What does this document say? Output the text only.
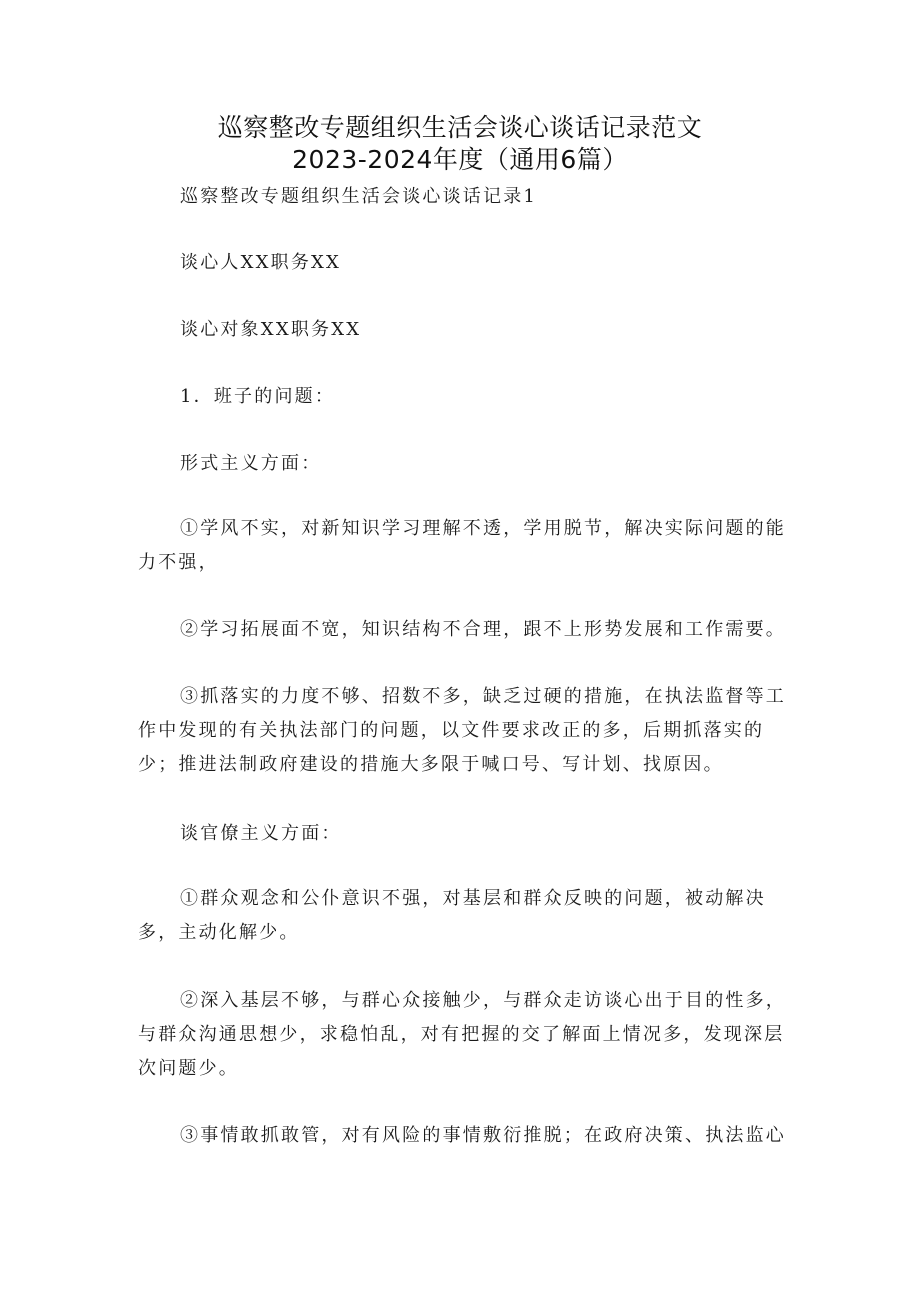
巡察整改专题组织生活会谈心谈话记录范文
2023-2024年度（通用6篇）
巡察整改专题组织生活会谈心谈话记录1
谈心人XX职务XX
谈心对象XX职务XX
1．班子的问题：
形式主义方面：
①学风不实，对新知识学习理解不透，学用脱节，解决实际问题的能力不强，
②学习拓展面不宽，知识结构不合理，跟不上形势发展和工作需要。
③抓落实的力度不够、招数不多，缺乏过硬的措施，在执法监督等工作中发现的有关执法部门的问题，以文件要求改正的多，后期抓落实的少；推进法制政府建设的措施大多限于喊口号、写计划、找原因。
谈官僚主义方面：
①群众观念和公仆意识不强，对基层和群众反映的问题，被动解决多，主动化解少。
②深入基层不够，与群心众接触少，与群众走访谈心出于目的性多，与群众沟通思想少，求稳怕乱，对有把握的交了解面上情况多，发现深层次问题少。
③事情敢抓敢管，对有风险的事情敷衍推脱；在政府决策、执法监心
